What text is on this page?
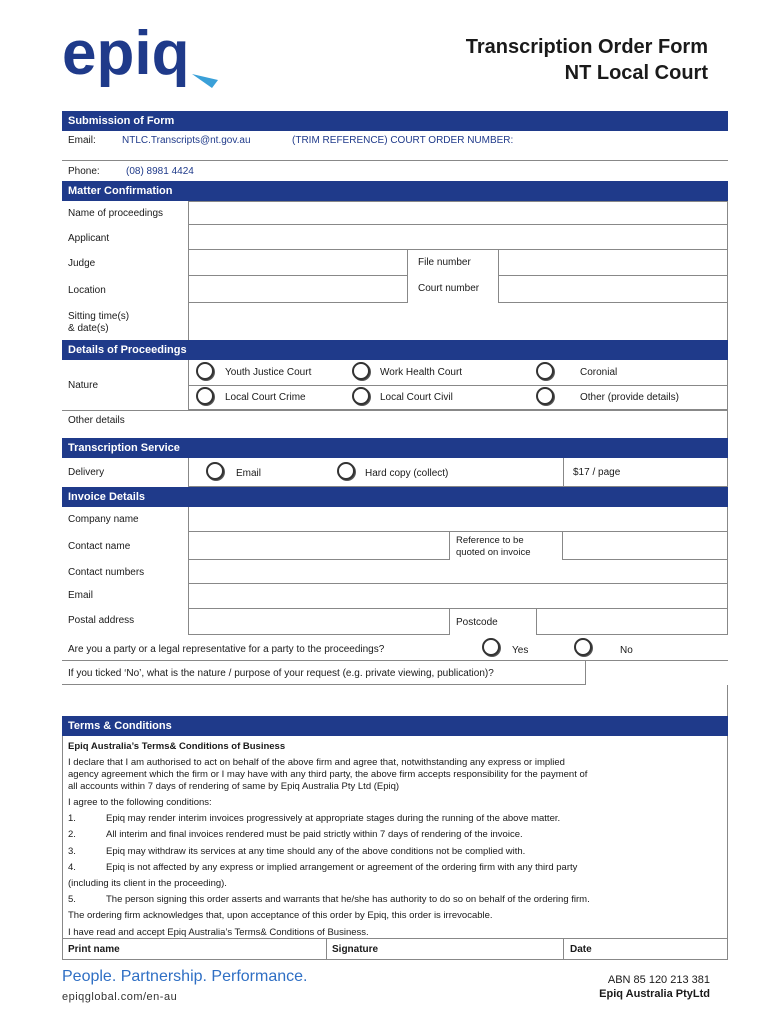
epiq	Transcription Order Form
NT Local Court
Submission of Form
Email:	NTLC.Transcripts@nt.gov.au	(TRIM REFERENCE) COURT ORDER NUMBER:
Phone:	(08) 8981 4424
Matter Confirmation
Name of proceedings
Applicant
Judge	File number
Location	Court number
Sitting time(s)
& date(s)
Details of Proceedings
Nature
Youth Justice Court	Work Health Court	Coronial
Local Court Crime	Local Court Civil	Other (provide details)
Other details
Transcription Service
Delivery	Email	Hard copy (collect)	$17 / page
Invoice Details
Company name
Contact name
Reference to be
quoted on invoice
Contact numbers
Email
Postal address	Postcode
Are you a party or a legal representative for a party to the proceedings?	Yes	No
If you ticked ‘No’, what is the nature / purpose of your request (e.g. private viewing, publication)?
Terms & Conditions
Epiq Australia’s Terms& Conditions of Business
I declare that I am authorised to act on behalf of the above firm and agree that, notwithstanding any express or implied
agency agreement which the firm or I may have with any third party, the above firm accepts responsibility for the payment of
all accounts within 7 days of rendering of same by Epiq Australia Pty Ltd (Epiq)
I agree to the following conditions:
1.	Epiq may render interim invoices progressively at appropriate stages during the running of the above matter.
2.	All interim and final invoices rendered must be paid strictly within 7 days of rendering of the invoice.
3.	Epiq may withdraw its services at any time should any of the above conditions not be complied with.
4.	Epiq is not affected by any express or implied arrangement or agreement of the ordering firm with any third party
(including its client in the proceeding).
5.	The person signing this order asserts and warrants that he/she has authority to do so on behalf of the ordering firm.
The ordering firm acknowledges that, upon acceptance of this order by Epiq, this order is irrevocable.
I have read and accept Epiq Australia’s Terms& Conditions of Business.
Print name	Signature	Date
People. Partnership. Performance.
epiqglobal.com/en-au
ABN 85 120 213 381
Epiq Australia PtyLtd
